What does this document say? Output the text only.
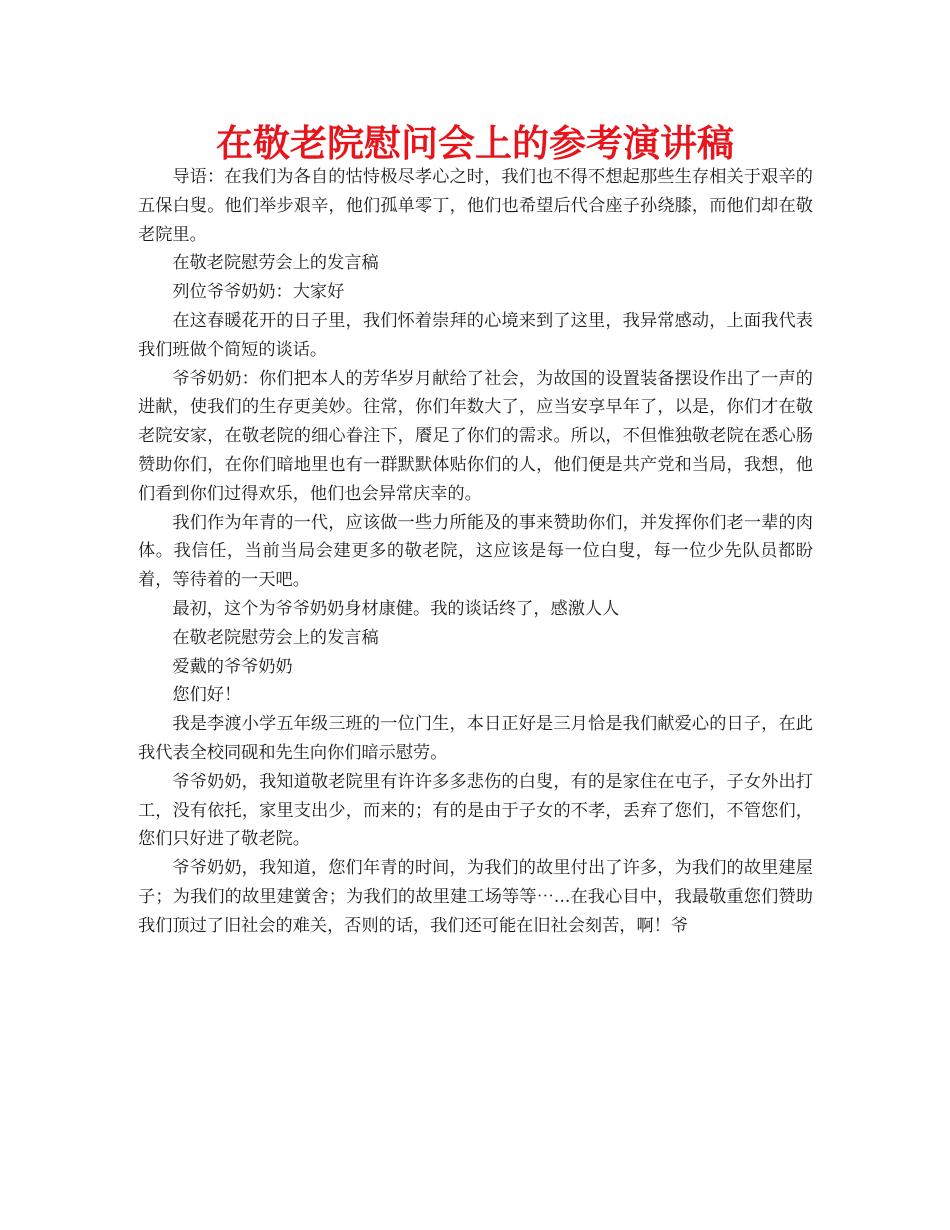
在敬老院慰问会上的参考演讲稿

导语：在我们为各自的怙恃极尽孝心之时，我们也不得不想起那些生存相关于艰辛的五保白叟。他们举步艰辛，他们孤单零丁，他们也希望后代合座子孙绕膝，而他们却在敬老院里。

在敬老院慰劳会上的发言稿

列位爷爷奶奶：大家好

在这春暖花开的日子里，我们怀着崇拜的心境来到了这里，我异常感动，上面我代表我们班做个简短的谈话。

爷爷奶奶：你们把本人的芳华岁月献给了社会，为故国的设置装备摆设作出了一声的进献，使我们的生存更美妙。往常，你们年数大了，应当安享早年了，以是，你们才在敬老院安家，在敬老院的细心眷注下，餍足了你们的需求。所以，不但惟独敬老院在悉心肠赞助你们，在你们暗地里也有一群默默体贴你们的人，他们便是共产党和当局，我想，他们看到你们过得欢乐，他们也会异常庆幸的。

我们作为年青的一代，应该做一些力所能及的事来赞助你们，并发挥你们老一辈的肉体。我信任，当前当局会建更多的敬老院，这应该是每一位白叟，每一位少先队员都盼着，等待着的一天吧。

最初，这个为爷爷奶奶身材康健。我的谈话终了，感激人人

在敬老院慰劳会上的发言稿

爱戴的爷爷奶奶

您们好！

我是李渡小学五年级三班的一位门生，本日正好是三月恰是我们献爱心的日子，在此我代表全校同砚和先生向你们暗示慰劳。

爷爷奶奶，我知道敬老院里有许许多多悲伤的白叟，有的是家住在屯子，子女外出打工，没有依托，家里支出少，而来的；有的是由于子女的不孝，丢弃了您们，不管您们，您们只好进了敬老院。

爷爷奶奶，我知道，您们年青的时间，为我们的故里付出了许多，为我们的故里建屋子；为我们的故里建黉舍；为我们的故里建工场等等⋯...在我心目中，我最敬重您们赞助我们顶过了旧社会的难关，否则的话，我们还可能在旧社会刻苦，啊！爷
